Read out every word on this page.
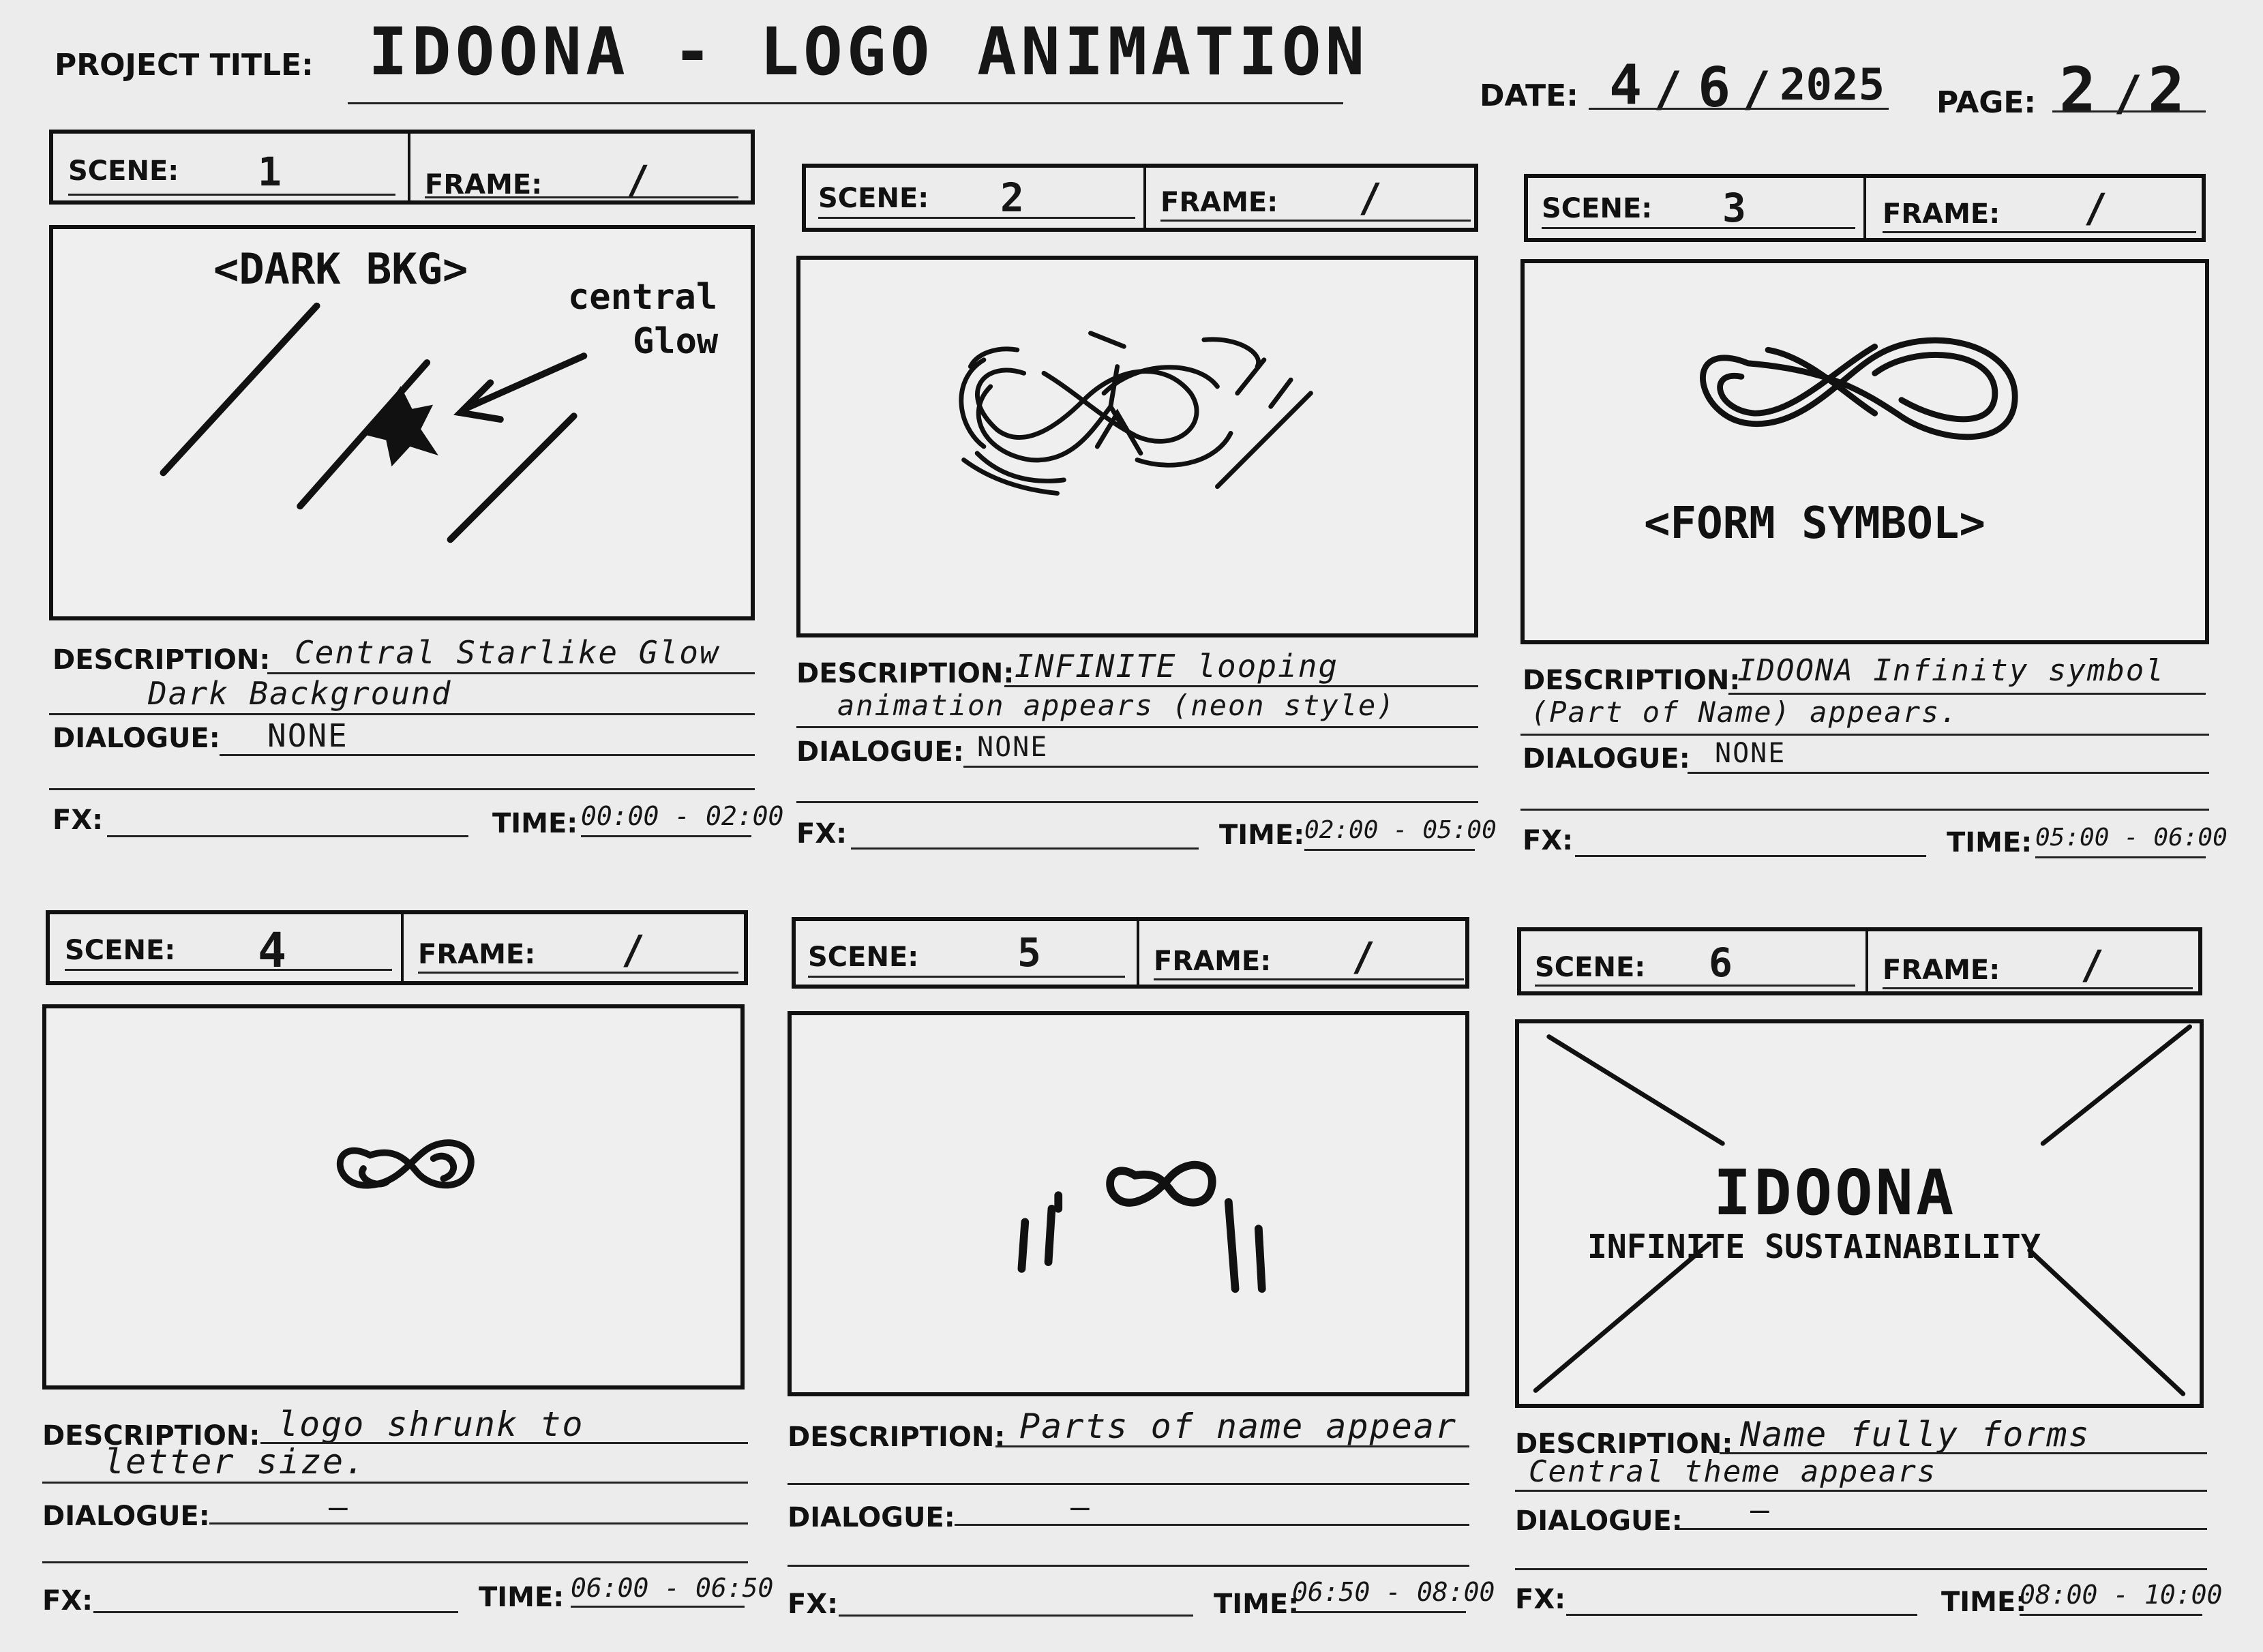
PROJECT TITLE: IDOONA - LOGO ANIMATION
DATE: 4 / 6 / 2025 PAGE: 2 / 2
SCENE: 1	FRAME: /
<DARK BKG>
central
Glow
DESCRIPTION: Central Starlike Glow
Dark Background
DIALOGUE: NONE
FX:	TIME: 00:00 - 02:00
SCENE: 2	FRAME: /
DESCRIPTION: INFINITE looping
animation appears (neon style)
DIALOGUE: NONE
FX:	TIME: 02:00 - 05:00
SCENE: 3	FRAME: /
<FORM SYMBOL>
DESCRIPTION:
IDOONA Infinity symbol
(Part of Name) appears.
DIALOGUE: NONE
FX:	TIME: 05:00 - 06:00
SCENE: 4	FRAME: /
DESCRIPTION: logo shrunk to
letter size.
DIALOGUE:	—
FX:	TIME: 06:00 - 06:50
SCENE: 5	FRAME: /
DESCRIPTION: Parts of name appear
DIALOGUE:	—
FX:	TIME:
06:50 - 08:00
SCENE: 6	FRAME: /
IDOONA
INFINITE SUSTAINABILITY
DESCRIPTION: Name fully forms
Central theme appears
DIALOGUE: —
FX:	TIME:
08:00 - 10:00
